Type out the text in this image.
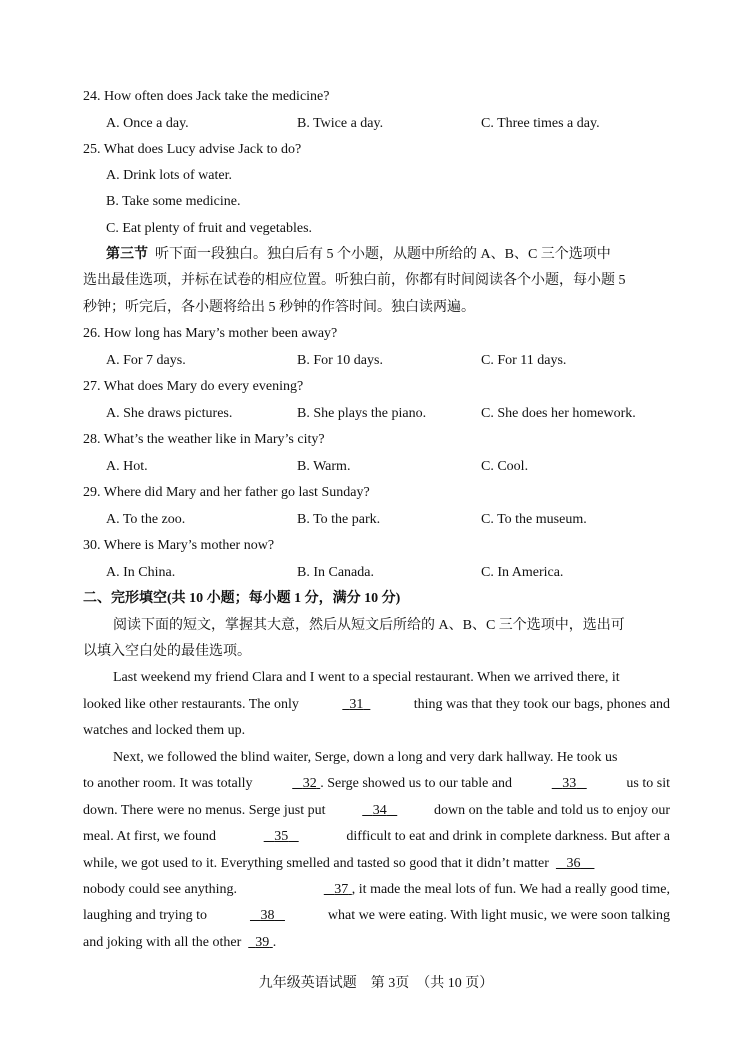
24. How often does Jack take the medicine?
A. Once a day.	B. Twice a day.	C. Three times a day.
25. What does Lucy advise Jack to do?
A. Drink lots of water.
B. Take some medicine.
C. Eat plenty of fruit and vegetables.
第三节 听下面一段独白。独白后有 5 个小题，从题中所给的 A、B、C 三个选项中
选出最佳选项，并标在试卷的相应位置。听独白前，你都有时间阅读各个小题，每小题 5
秒钟；听完后，各小题将给出 5 秒钟的作答时间。独白读两遍。
26. How long has Mary’s mother been away?
A. For 7 days.	B. For 10 days.	C. For 11 days.
27. What does Mary do every evening?
A. She draws pictures.	B. She plays the piano.	C. She does her homework.
28. What’s the weather like in Mary’s city?
A. Hot.	B. Warm.	C. Cool.
29. Where did Mary and her father go last Sunday?
A. To the zoo.	B. To the park.	C. To the museum.
30. Where is Mary’s mother now?
A. In China.	B. In Canada.	C. In America.
二、完形填空(共 10 小题；每小题 1 分，满分 10 分)
阅读下面的短文，掌握其大意，然后从短文后所给的 A、B、C 三个选项中，选出可
以填入空白处的最佳选项。
Last weekend my friend Clara and I went to a special restaurant. When we arrived there, it
looked like other restaurants. The only	31	thing was that they took our bags, phones and
watches and locked them up.
Next, we followed the blind waiter, Serge, down a long and very dark hallway. He took us
to another room. It was totally	32 . Serge showed us to our table and	33	us to sit
down. There were no menus. Serge just put	34	down on the table and told us to enjoy our
meal. At first, we found	35	difficult to eat and drink in complete darkness. But after a
while, we got used to it. Everything smelled and tasted so good that it didn’t matter 36
nobody could see anything.	37 , it made the meal lots of fun. We had a really good time,
laughing and trying to	38	what we were eating. With light music, we were soon talking
and joking with all the other 39 .
九年级英语试题　第 3页　（共 10 页）
